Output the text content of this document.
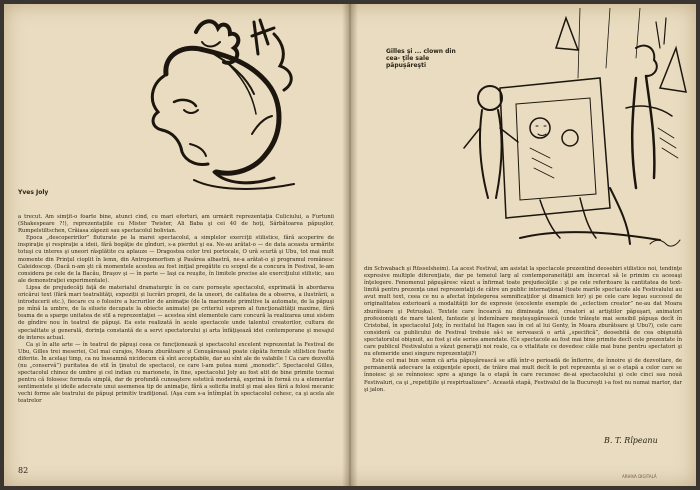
Yves Joly

a trecut. Am simţit-o foarte bine, atunci cînd, cu mari eforturi, am urmărit reprezentaţia Culiciului, a Furtunii (Shakespeare ?!), reprezentaţiile cu Mister Twister, Ali Baba şi cei 40 de hoţi, Sărbătoarea păpuşilor, Rumpelstiltschen, Crăiasa zăpezii sau spectacolul bolivian.

Epoca „descoperirilor” fluturate pe la marei spectacolul, a simplelor exerciţii stilistice, fără acoperire de inspiraţie şi respiraţie a ideii, fără bogăţie de gînduri, s-a pierdut şi ea. Ne-au arătat-o — de data aceasta urmărite totuşi cu interes şi uneori răsplătite cu aplauze — Dragostea celor trei portocale, O ură scurtă şi Ubu, tot mai mult momente din Prinţul cioplit în lemn, din Antropomorfism şi Pasărea albastră, ne-a arătat-o şi programul românesc Caleidoscop. (Dacă n-am şti că momentele acestea au fost iniţial pregătite cu scopul de a concura în Festival, le-am considera pe cele de la Bacău, Braşov şi — în parte — Iaşi ca reuşite, în limitele precise ale exerciţiului stilistic, sau ale demonstraţiei experimentale).

Lipsa de prejudecăţi faţă de materialul dramaturgic în ce care pornește spectacolul, exprimată în abordarea oricărui text (fără mari teatralităţi, expoziții și lucrări proprii, de la uneori, de calitatea de a observa, a ilustrării, a introducerii etc.), fiecare cu o folosire a lucrurilor de animaţie (de la marionete primitive la automate, de la păpuşi pe mînă la umbre, de la siluete decupate la obiecte animate) pe criteriul suprem al funcţionalităţii maxime, fără teama de a sparge unitatea de stil a reprezentaţiei — acestea sînt elementele care concură la realizarea unui sistem de gîndire nou în teatrul de păpuşi. Ea este realizată în acele spectacole unde talentul creatorilor, cultura de specialitate şi generală, dorinţa constantă de a servi spectatorului şi arta înfăţişează idei contemporane şi mesajul de interes actual.

Ca şi în alte arte — în teatrul de păpuşi ceea ce funcţionează şi spectacolul excelent reprezentat la Festival de Ubu, Gilles trei meseriei, Cel mai curajos, Moara zburătoare şi Cenuşăreasa) poate căpăta formule stilistice foarte diferite. În acelaşi timp, ca nu înseamnă nicidecum că sînt acceptabile, dar au sînt ale de valabile ! Ca care dezvoltă (nu „conservă”) puritatea de stil în ţinutul de spectacol, ce care l-am putea numi „monodic”. Spectacolul Gilles, spectacolul chinez de umbre şi cel indian cu marionete, în fine, spectacolul Joly au fost atit de bine primite tocmai pentru că folosesc formula simplă, dar de profundă cunoaştere estetică modernă, exprimă în formă cu a elementar sentimentele şi ideile adecvate unui asemenea tip de animaţie, fără a solicita inutil şi mai ales fără a folosi mecanic vechi forme ale teatrului de păpuşi primitiv tradiţional. (Aşa cum s-a întîmplat în spectacolul cehesc, ca şi acela ale teatrelor

82
Gilles şi ... clown din cea- ţile sale păpuşăreşti

din Schwabach şi Rüsselsheim). La acest Festival, am asistat la spectacole prezentînd deosebiri stilistice noi, tendinţe expresive multiple diferenţiate, dar pe temeiul larg al contemporaneităţii am încercat să le primim cu aceeaşi înţelegere. Fenomenul păpuşăresc văzut a înfirmat toate prejudecăţile : şi pe cele referitoare la cantitatea de text-limită pentru prezenţa unei reprezentaţii de către un public internaţional (toate marile spectacole ale Festivalului au avut mult text, ceea ce nu a afectat înţelegerea semnificaţiilor şi dinamicii lor) şi pe cele care legau succesul de originalitatea exterioară a modalităţii lor de expresie (excelente exemple de „eclectism creator” ne-au dat Moara zburătoare şi Petrușka). Textele care încearcă nu dimineaţa idei, creatori ai artiştilor păpuşari, animatori profesionişti de mare talent, fantezie şi îndemînare meşteşugărească (unde trăieşte mai sensibil păpuşa decît în Cristobal, în spectacolul Joly, în recitalul lui Hagen sau în cel al lui Genty, în Moara zburătoare şi Ubu?), cele care consideră ca publicului de Festival trebuie să-i se servească o artă „specifică”, deosebită de cea obişnuită spectatorului obişnuit, au fost şi ele serios amendate. (Ce spectacole au fost mai bine primite decît cele prezentate în care publicul Festivalului a văzut generaţii noi reale, ca o vitalitate ce dovedesc căile mai bune pentru spectatori şi nu efemeride unei singure reprezentaţii?)

Este cel mai bun semn că arta păpuşărească se află într-o perioadă de înflorire, de înnoire şi de dezvoltare, de permanentă adecvare la exigenţele epocii, de trăire mai mult decît le pot reprezenta şi se o etapă a celor care se înnoiesc şi se reînnoiesc spre a ajunge la o etapă în care recunosc de-ai spectacolului şi cele cinci sau nouă Festivaluri, ca şi „repetiţiile şi respirtualizare”. Această etapă, Festivalul de la Bucureşti i-a fost nu numai martor, dar şi jalon.

B. T. Rîpeanu
ARHIVA DIGITALĂ
